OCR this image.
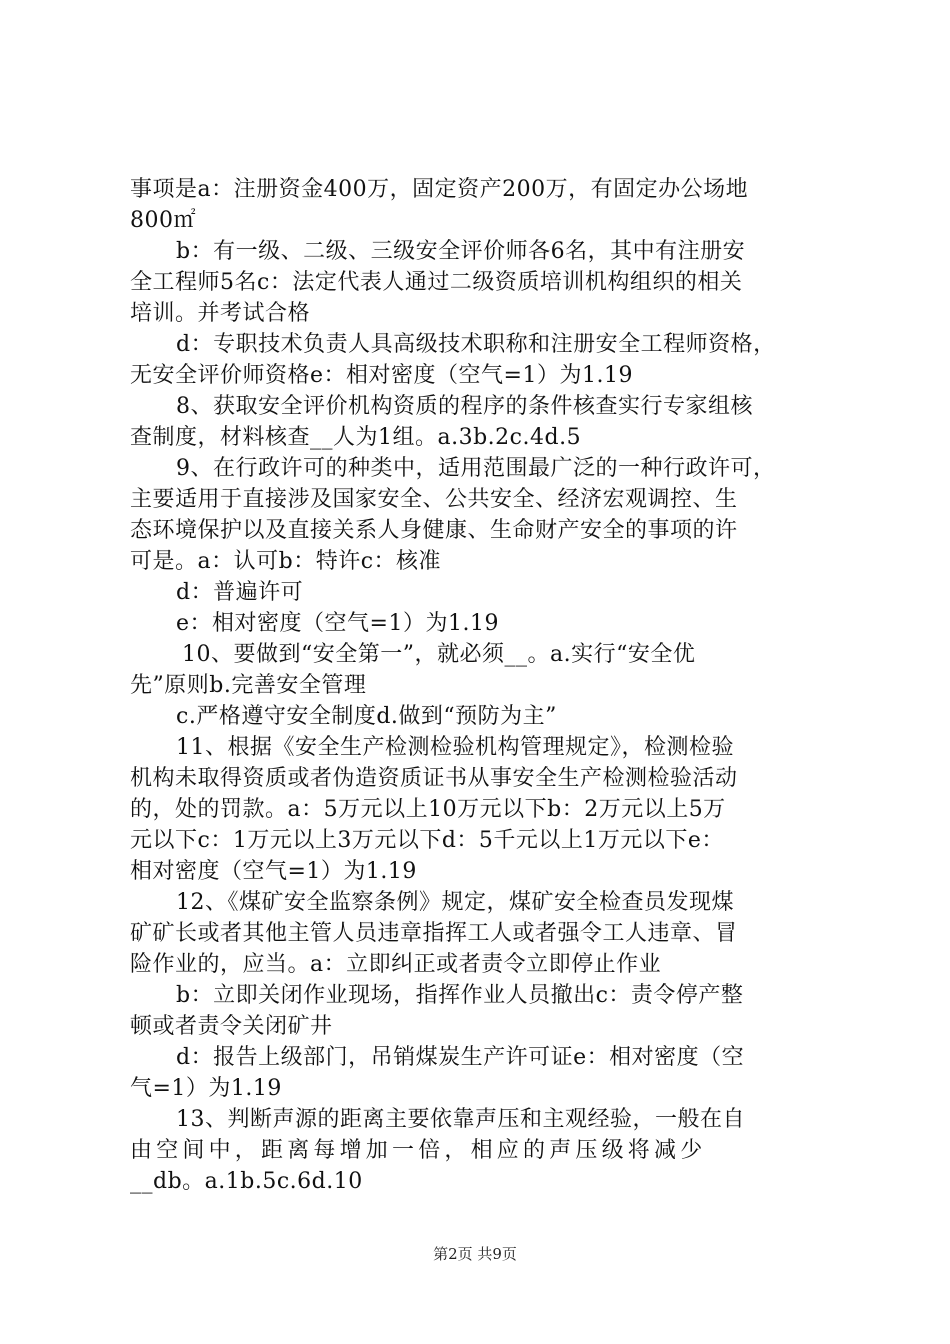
事项是a：注册资金400万，固定资产200万，有固定办公场地
800㎡
b：有一级、二级、三级安全评价师各6名，其中有注册安
全工程师5名c：法定代表人通过二级资质培训机构组织的相关
培训。并考试合格
d：专职技术负责人具高级技术职称和注册安全工程师资格，
无安全评价师资格e：相对密度（空气=1）为1.19
8、获取安全评价机构资质的程序的条件核查实行专家组核
查制度，材料核查__人为1组。a.3b.2c.4d.5
9、在行政许可的种类中，适用范围最广泛的一种行政许可，
主要适用于直接涉及国家安全、公共安全、经济宏观调控、生
态环境保护以及直接关系人身健康、生命财产安全的事项的许
可是。a：认可b：特许c：核准
d：普遍许可
e：相对密度（空气=1）为1.19
10、要做到“安全第一”，就必须__。a.实行“安全优
先”原则b.完善安全管理
c.严格遵守安全制度d.做到“预防为主”
11、根据《安全生产检测检验机构管理规定》，检测检验
机构未取得资质或者伪造资质证书从事安全生产检测检验活动
的，处的罚款。a：5万元以上10万元以下b：2万元以上5万
元以下c：1万元以上3万元以下d：5千元以上1万元以下e：
相对密度（空气=1）为1.19
12、《煤矿安全监察条例》规定，煤矿安全检查员发现煤
矿矿长或者其他主管人员违章指挥工人或者强令工人违章、冒
险作业的，应当。a：立即纠正或者责令立即停止作业
b：立即关闭作业现场，指挥作业人员撤出c：责令停产整
顿或者责令关闭矿井
d：报告上级部门，吊销煤炭生产许可证e：相对密度（空
气=1）为1.19
13、判断声源的距离主要依靠声压和主观经验，一般在自
由空间中，距离每增加一倍，相应的声压级将减少
__db。a.1b.5c.6d.10
第2页 共9页
